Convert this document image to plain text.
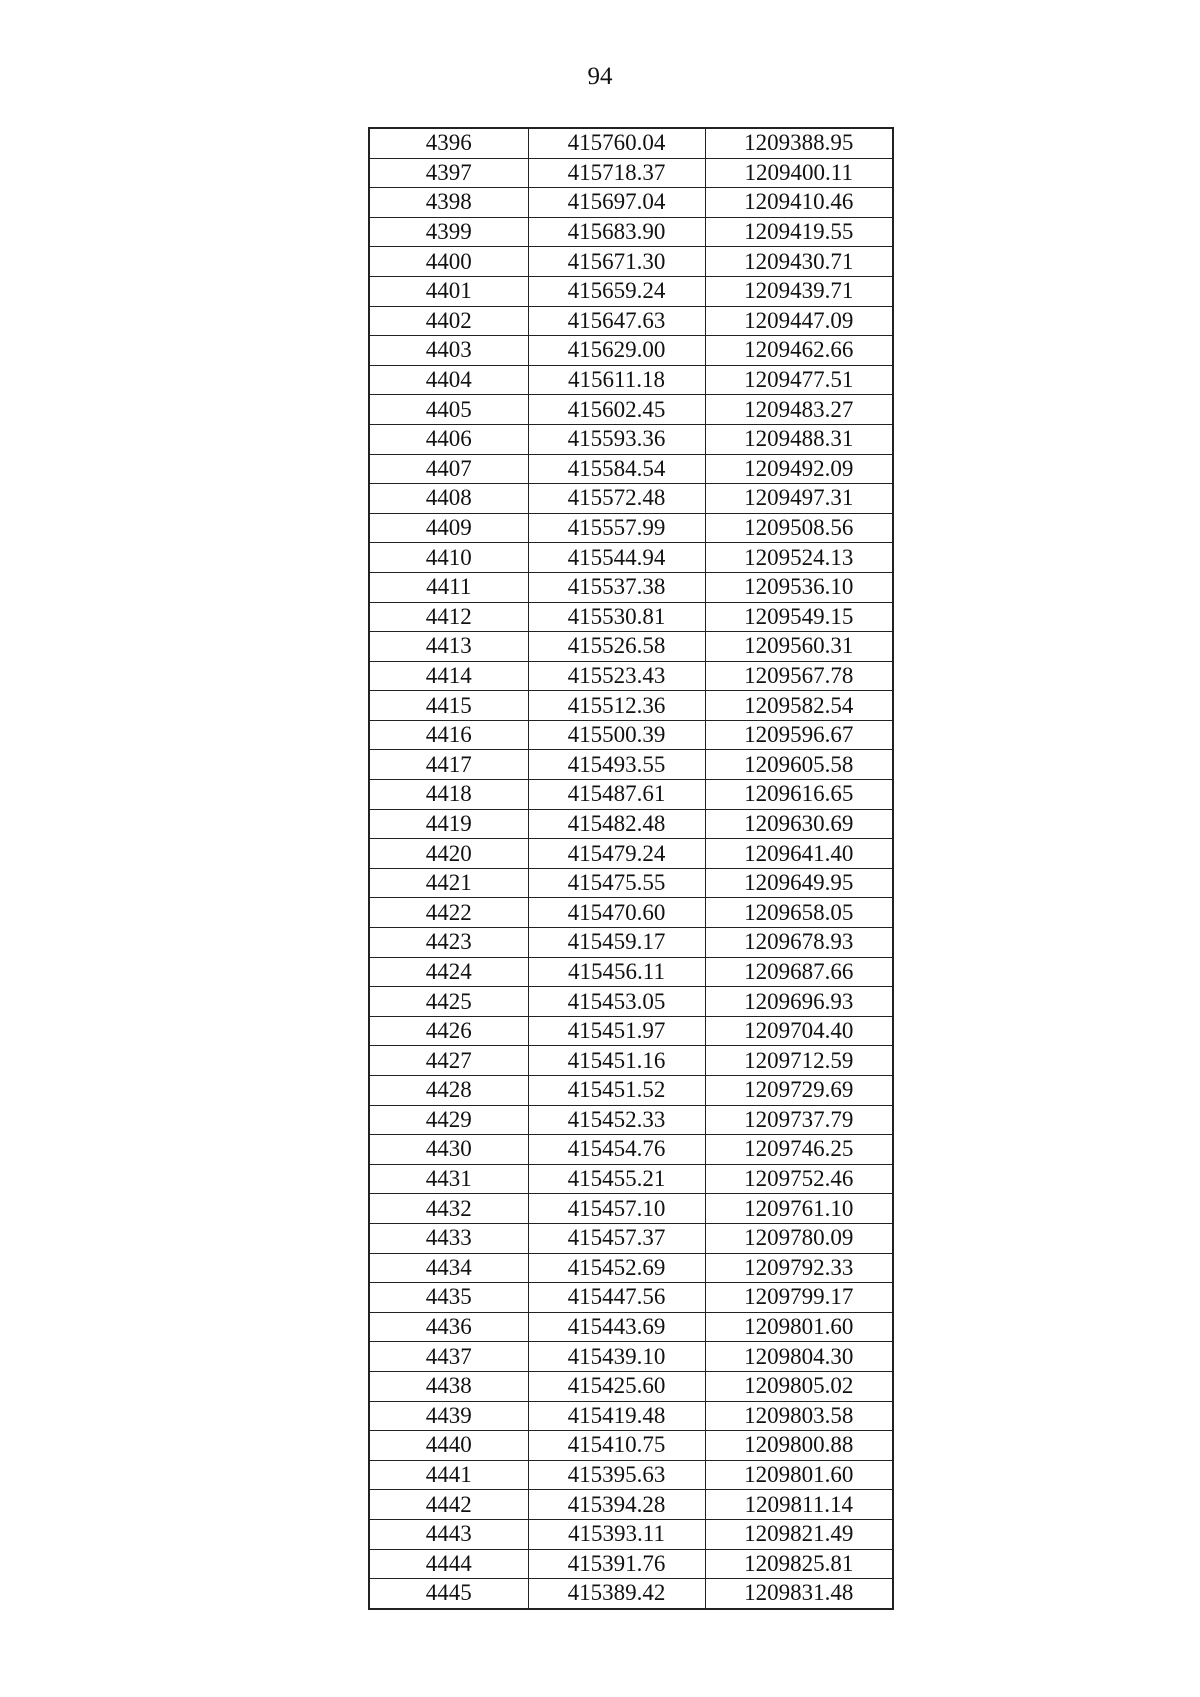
94
4396	415760.04	1209388.95
4397	415718.37	1209400.11
4398	415697.04	1209410.46
4399	415683.90	1209419.55
4400	415671.30	1209430.71
4401	415659.24	1209439.71
4402	415647.63	1209447.09
4403	415629.00	1209462.66
4404	415611.18	1209477.51
4405	415602.45	1209483.27
4406	415593.36	1209488.31
4407	415584.54	1209492.09
4408	415572.48	1209497.31
4409	415557.99	1209508.56
4410	415544.94	1209524.13
4411	415537.38	1209536.10
4412	415530.81	1209549.15
4413	415526.58	1209560.31
4414	415523.43	1209567.78
4415	415512.36	1209582.54
4416	415500.39	1209596.67
4417	415493.55	1209605.58
4418	415487.61	1209616.65
4419	415482.48	1209630.69
4420	415479.24	1209641.40
4421	415475.55	1209649.95
4422	415470.60	1209658.05
4423	415459.17	1209678.93
4424	415456.11	1209687.66
4425	415453.05	1209696.93
4426	415451.97	1209704.40
4427	415451.16	1209712.59
4428	415451.52	1209729.69
4429	415452.33	1209737.79
4430	415454.76	1209746.25
4431	415455.21	1209752.46
4432	415457.10	1209761.10
4433	415457.37	1209780.09
4434	415452.69	1209792.33
4435	415447.56	1209799.17
4436	415443.69	1209801.60
4437	415439.10	1209804.30
4438	415425.60	1209805.02
4439	415419.48	1209803.58
4440	415410.75	1209800.88
4441	415395.63	1209801.60
4442	415394.28	1209811.14
4443	415393.11	1209821.49
4444	415391.76	1209825.81
4445	415389.42	1209831.48
